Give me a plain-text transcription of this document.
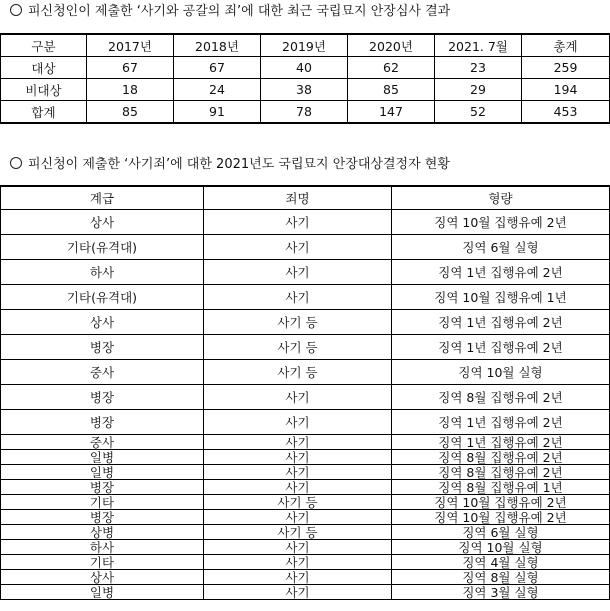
피신청인이 제출한 ‘사기와 공갈의 죄’에 대한 최근 국립묘지 안장심사 결과
구분	2017년	2018년	2019년	2020년	2021. 7월	총계
대상	67	67	40	62	23	259
비대상	18	24	38	85	29	194
합계	85	91	78	147	52	453
피신청이 제출한 ‘사기죄’에 대한 2021년도 국립묘지 안장대상결정자 현황
계급	죄명	형량
상사	사기	징역 10월 집행유예 2년
기타(유격대)	사기	징역 6월 실형
하사	사기	징역 1년 집행유예 2년
기타(유격대)	사기	징역 10월 집행유예 1년
상사	사기 등	징역 1년 집행유예 2년
병장	사기 등	징역 1년 집행유예 2년
중사	사기 등	징역 10월 실형
병장	사기	징역 8월 집행유예 2년
병장	사기	징역 1년 집행유예 2년
중사	사기	징역 1년 집행유예 2년
일병	사기	징역 8월 집행유예 2년
일병	사기	징역 8월 집행유예 2년
병장	사기	징역 8월 집행유예 1년
기타	사기 등	징역 10월 집행유예 2년
병장	사기	징역 10월 집행유예 2년
상병	사기 등	징역 6월 실형
하사	사기	징역 10월 실형
기타	사기	징역 4월 실형
상사	사기	징역 8월 실형
일병	사기	징역 3월 실형
